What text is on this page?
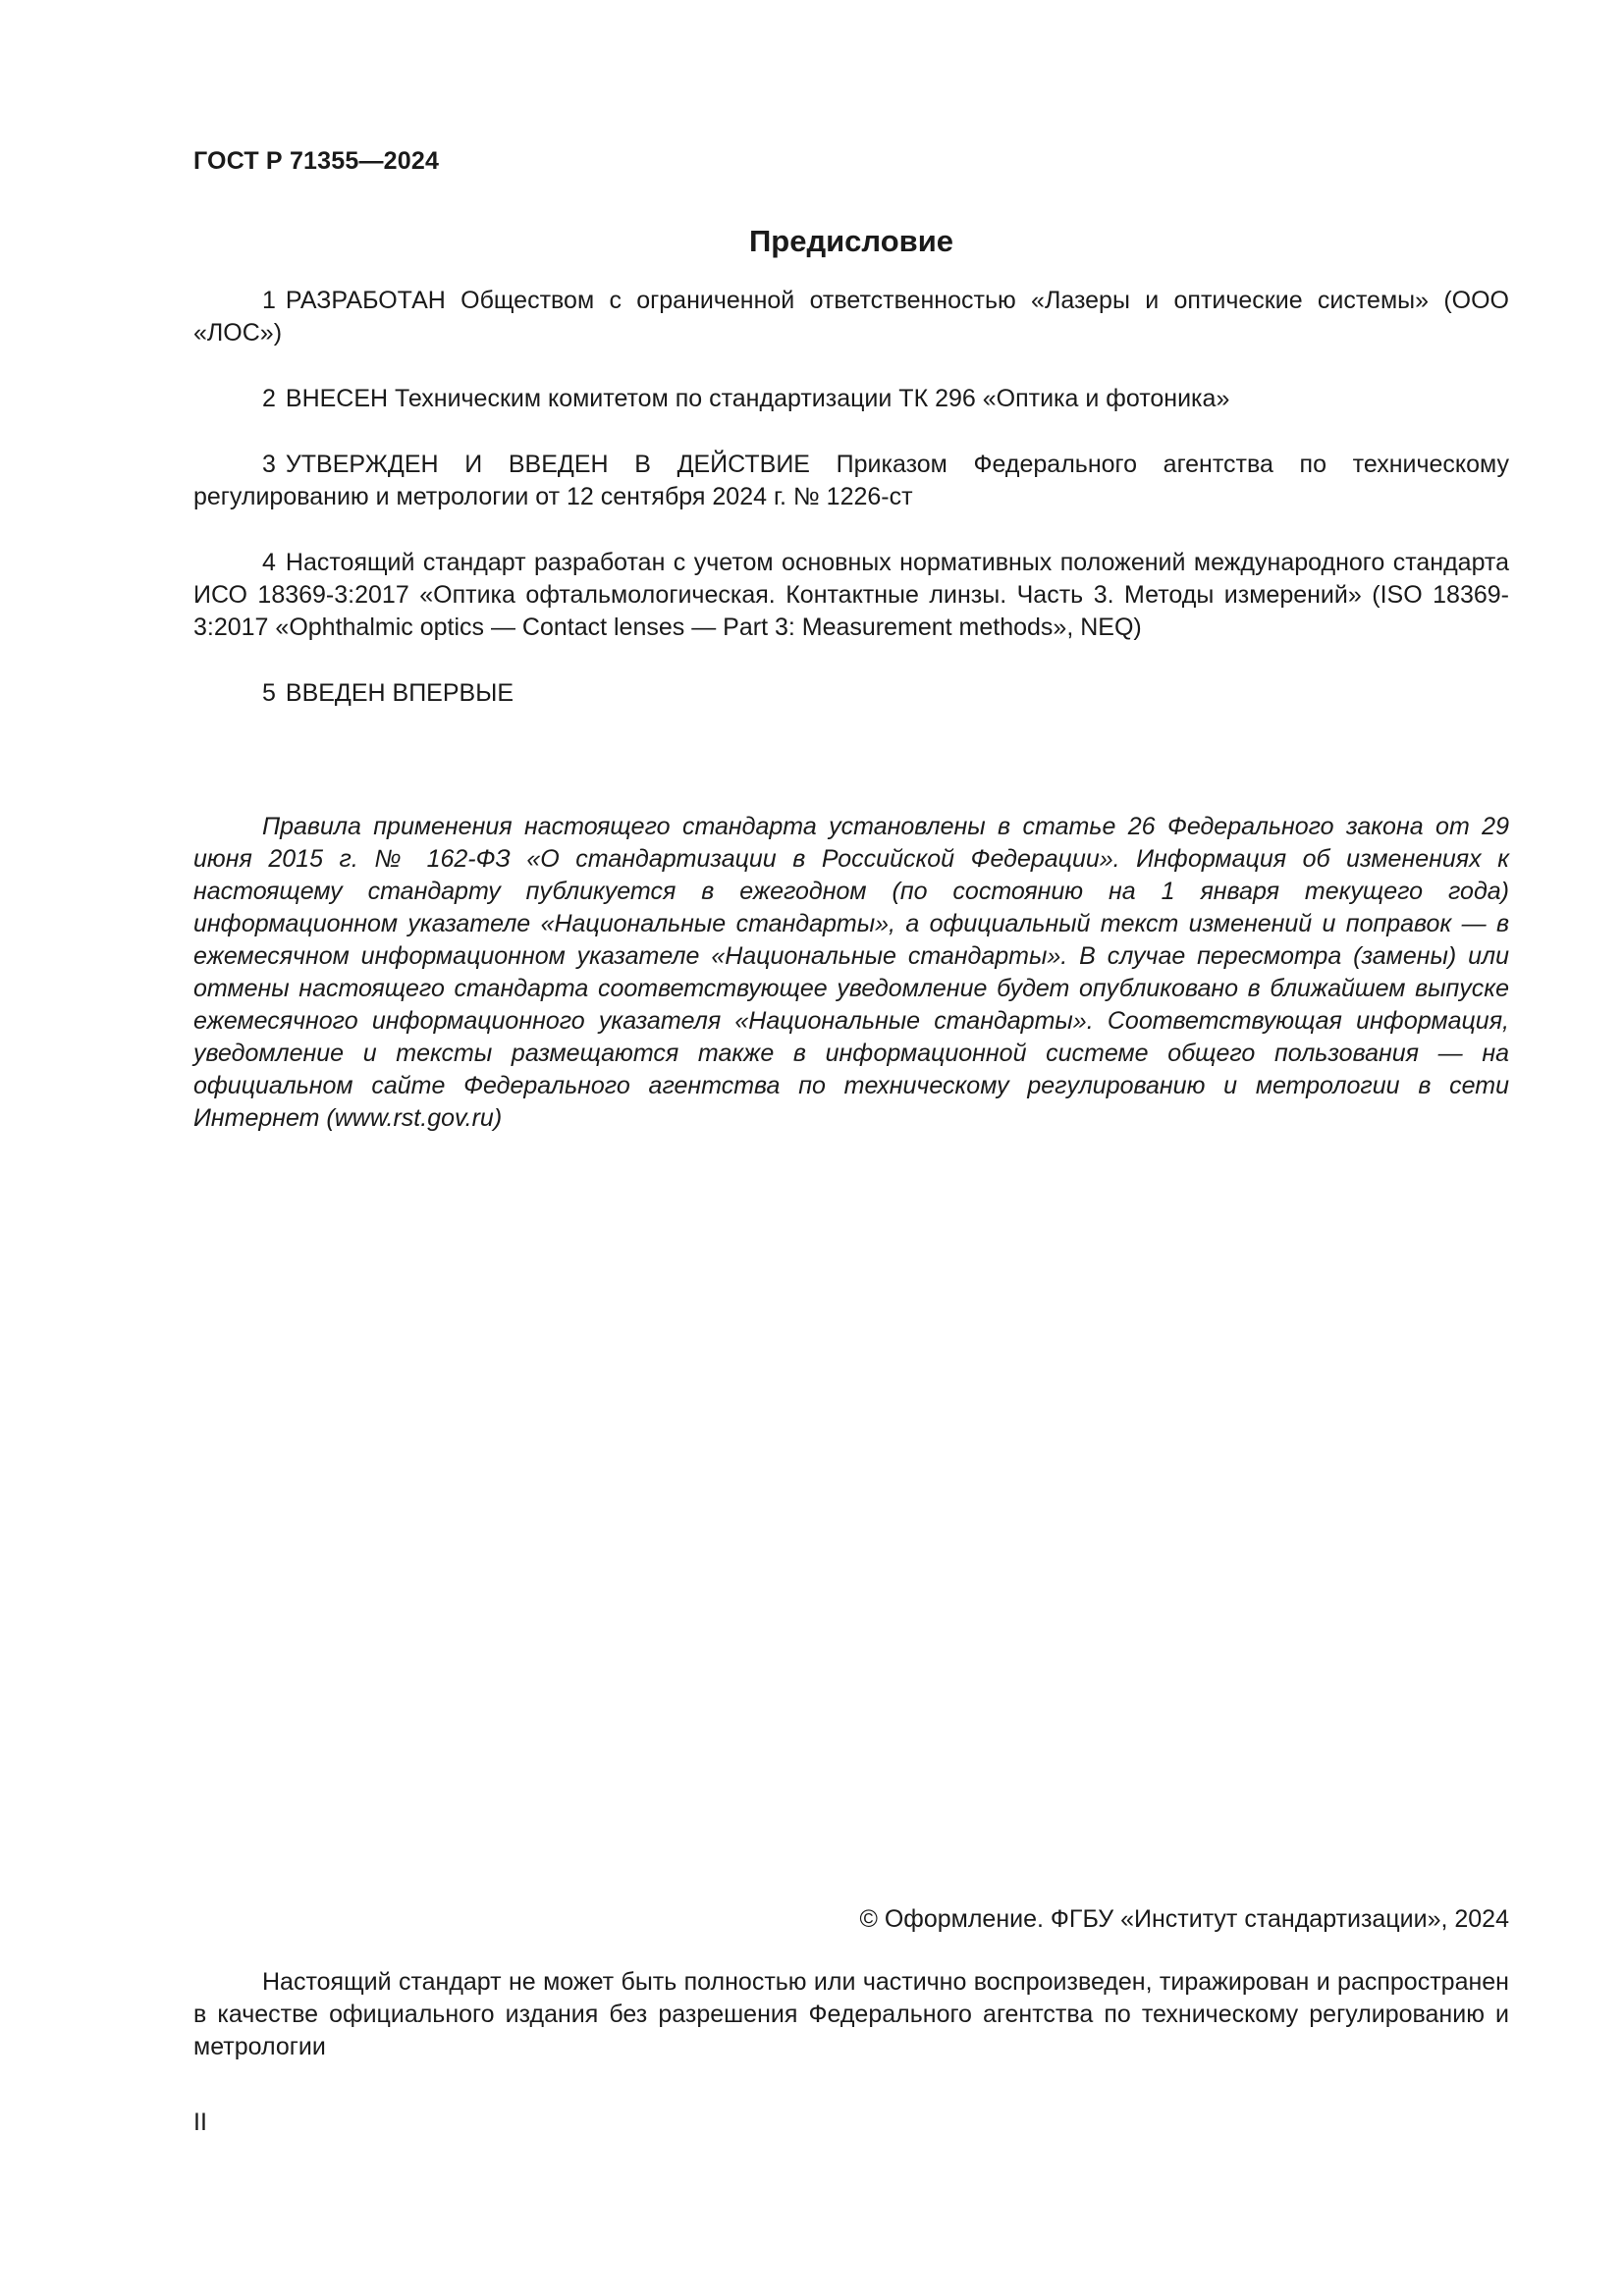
ГОСТ Р 71355—2024
Предисловие

1 РАЗРАБОТАН Обществом с ограниченной ответственностью «Лазеры и оптические системы» (ООО «ЛОС»)

2 ВНЕСЕН Техническим комитетом по стандартизации ТК 296 «Оптика и фотоника»

3 УТВЕРЖДЕН И ВВЕДЕН В ДЕЙСТВИЕ Приказом Федерального агентства по техническому регулированию и метрологии от 12 сентября 2024 г. № 1226-ст

4 Настоящий стандарт разработан с учетом основных нормативных положений международного стандарта ИСО 18369-3:2017 «Оптика офтальмологическая. Контактные линзы. Часть 3. Методы измерений» (ISO 18369-3:2017 «Ophthalmic optics — Contact lenses — Part 3: Measurement methods», NEQ)

5 ВВЕДЕН ВПЕРВЫЕ

Правила применения настоящего стандарта установлены в статье 26 Федерального закона от 29 июня 2015 г. № 162-ФЗ «О стандартизации в Российской Федерации». Информация об изменениях к настоящему стандарту публикуется в ежегодном (по состоянию на 1 января текущего года) информационном указателе «Национальные стандарты», а официальный текст изменений и поправок — в ежемесячном информационном указателе «Национальные стандарты». В случае пересмотра (замены) или отмены настоящего стандарта соответствующее уведомление будет опубликовано в ближайшем выпуске ежемесячного информационного указателя «Национальные стандарты». Соответствующая информация, уведомление и тексты размещаются также в информационной системе общего пользования — на официальном сайте Федерального агентства по техническому регулированию и метрологии в сети Интернет (www.rst.gov.ru)

© Оформление. ФГБУ «Институт стандартизации», 2024

Настоящий стандарт не может быть полностью или частично воспроизведен, тиражирован и распространен в качестве официального издания без разрешения Федерального агентства по техническому регулированию и метрологии

II
